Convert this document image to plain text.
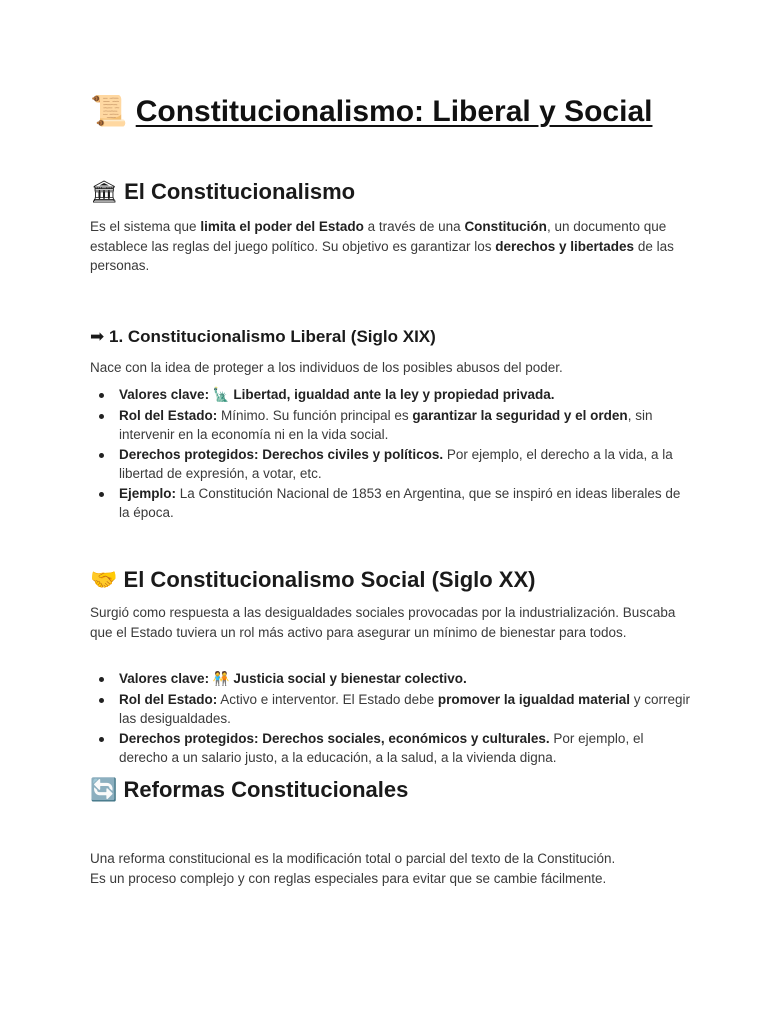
📜 Constitucionalismo: Liberal y Social
🏛 El Constitucionalismo

Es el sistema que limita el poder del Estado a través de una Constitución, un documento que establece las reglas del juego político. Su objetivo es garantizar los derechos y libertades de las personas.

➡ 1. Constitucionalismo Liberal (Siglo XIX)

Nace con la idea de proteger a los individuos de los posibles abusos del poder.

Valores clave: 🗽 Libertad, igualdad ante la ley y propiedad privada.
Rol del Estado: Mínimo. Su función principal es garantizar la seguridad y el orden, sin intervenir en la economía ni en la vida social.
Derechos protegidos: Derechos civiles y políticos. Por ejemplo, el derecho a la vida, a la libertad de expresión, a votar, etc.
Ejemplo: La Constitución Nacional de 1853 en Argentina, que se inspiró en ideas liberales de la época.
🤝 El Constitucionalismo Social (Siglo XX)

Surgió como respuesta a las desigualdades sociales provocadas por la industrialización. Buscaba que el Estado tuviera un rol más activo para asegurar un mínimo de bienestar para todos.

Valores clave: 🧑‍🤝‍🧑 Justicia social y bienestar colectivo.
Rol del Estado: Activo e interventor. El Estado debe promover la igualdad material y corregir las desigualdades.
Derechos protegidos: Derechos sociales, económicos y culturales. Por ejemplo, el derecho a un salario justo, a la educación, a la salud, a la vivienda digna.
🔄 Reformas Constitucionales

Una reforma constitucional es la modificación total o parcial del texto de la Constitución.

Es un proceso complejo y con reglas especiales para evitar que se cambie fácilmente.
